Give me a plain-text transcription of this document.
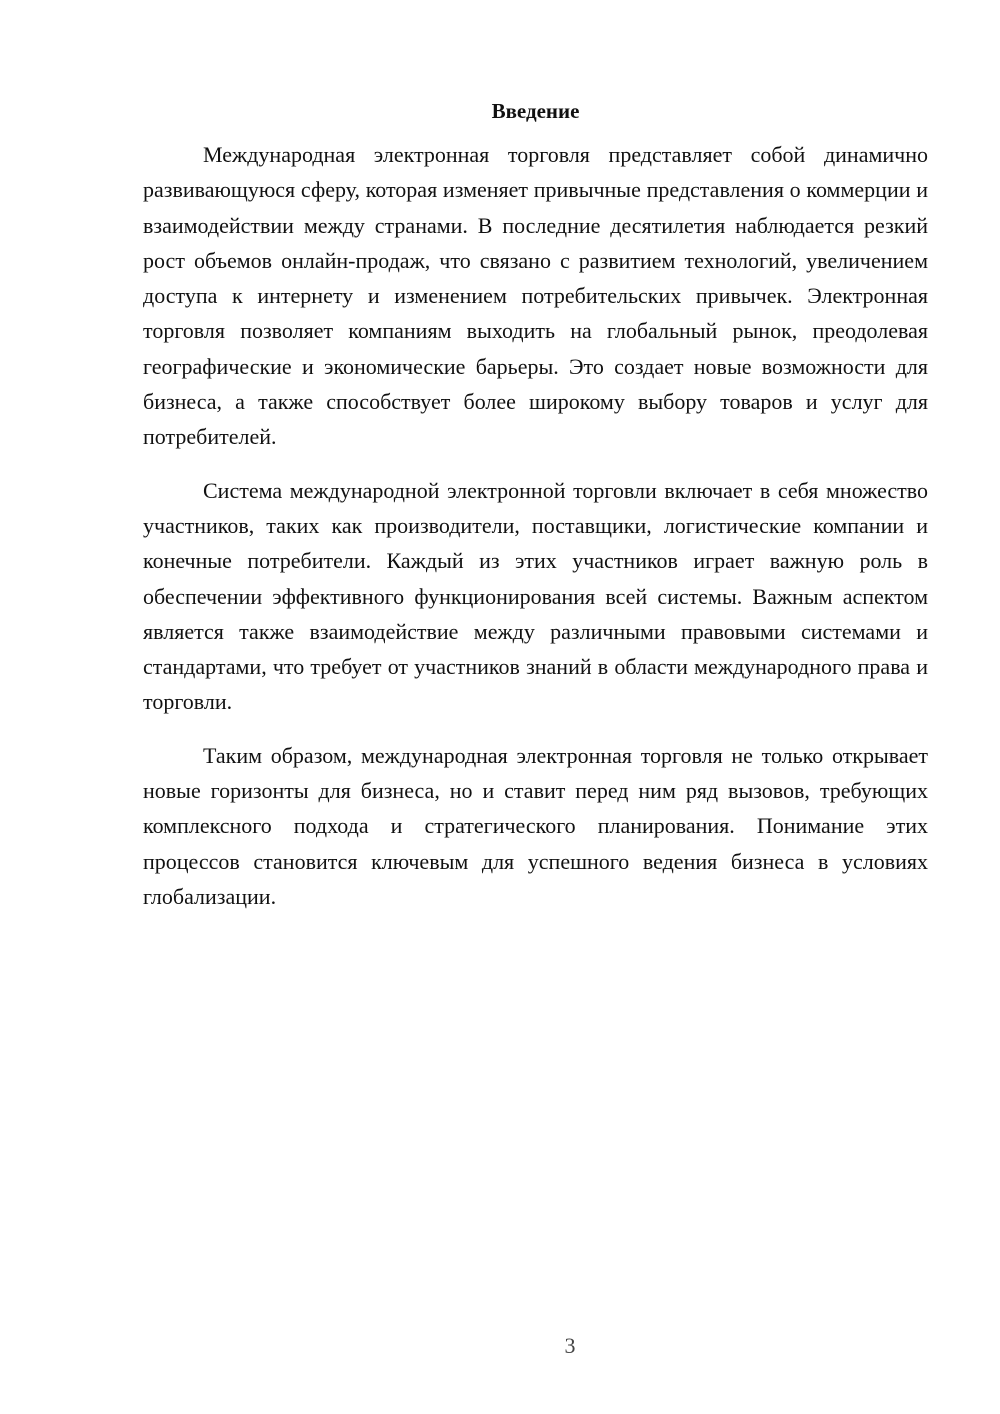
Введение

Международная электронная торговля представляет собой динамично развивающуюся сферу, которая изменяет привычные представления о коммерции и взаимодействии между странами. В последние десятилетия наблюдается резкий рост объемов онлайн-продаж, что связано с развитием технологий, увеличением доступа к интернету и изменением потребительских привычек. Электронная торговля позволяет компаниям выходить на глобальный рынок, преодолевая географические и экономические барьеры. Это создает новые возможности для бизнеса, а также способствует более широкому выбору товаров и услуг для потребителей.

Система международной электронной торговли включает в себя множество участников, таких как производители, поставщики, логистические компании и конечные потребители. Каждый из этих участников играет важную роль в обеспечении эффективного функционирования всей системы. Важным аспектом является также взаимодействие между различными правовыми системами и стандартами, что требует от участников знаний в области международного права и торговли.

Таким образом, международная электронная торговля не только открывает новые горизонты для бизнеса, но и ставит перед ним ряд вызовов, требующих комплексного подхода и стратегического планирования. Понимание этих процессов становится ключевым для успешного ведения бизнеса в условиях глобализации.

3
